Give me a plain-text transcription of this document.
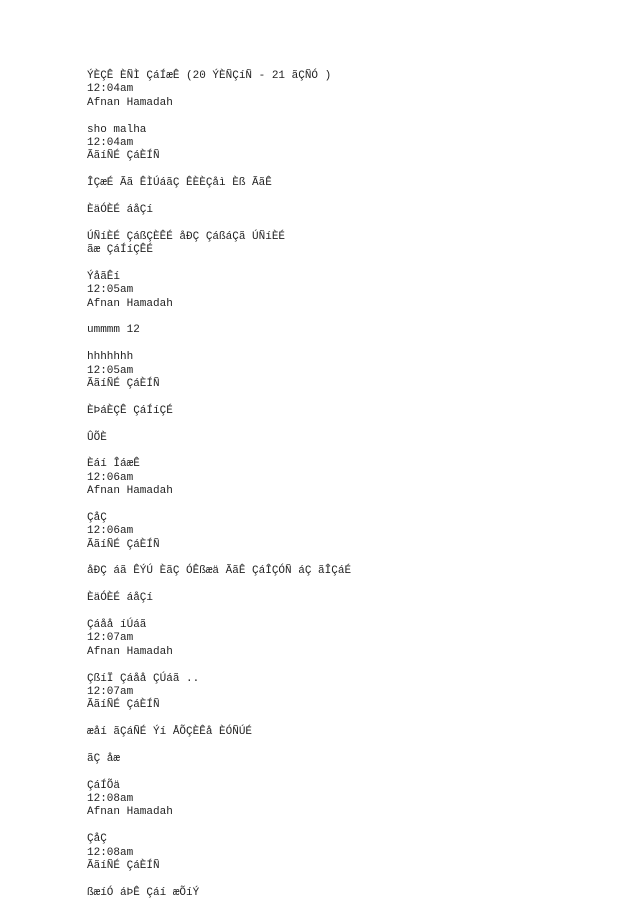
ÝÈÇÊ ÈÑÌ ÇáÍæÊ (20 ÝÈÑÇíÑ - 21 ãÇÑÓ )
12:04am
Afnan Hamadah
sho malha
12:04am
ÃãíÑÉ ÇáÈÍÑ
ÎÇæÉ Ãã ÊÌÚáãÇ ÊÈÈÇåì Èß ÃãÊ
ÈäÓÈÉ áåÇí
ÚÑíÈÉ ÇáßÇÈÊÉ åÐÇ ÇáßáÇã ÚÑíÈÉ
ãæ ÇáÍíÇÊÉ
ÝåãÊí
12:05am
Afnan Hamadah
ummmm 12
hhhhhhh
12:05am
ÃãíÑÉ ÇáÈÍÑ
ÈÞáÈÇÊ ÇáÍíÇÉ
ÛÕÈ
Èáí ÎáæÊ
12:06am
Afnan Hamadah
ÇåÇ
12:06am
ÃãíÑÉ ÇáÈÍÑ
åÐÇ áã ÊÝÚ ÈãÇ ÓÊßæä ÃãÊ ÇáÎÇÓÑ áÇ ãÎÇáÉ
ÈäÓÈÉ áåÇí
Çáåå íÚáã
12:07am
Afnan Hamadah
ÇßíÏ Çáåå ÇÚáã ..
12:07am
ÃãíÑÉ ÇáÈÍÑ
æåí ãÇáÑÉ Ýí ÅÕÇÈÊå ÈÓÑÚÉ
ãÇ åæ
ÇáÍÕä
12:08am
Afnan Hamadah
ÇåÇ
12:08am
ÃãíÑÉ ÇáÈÍÑ
ßæíÓ áÞÊ Çáí æÕíÝ
